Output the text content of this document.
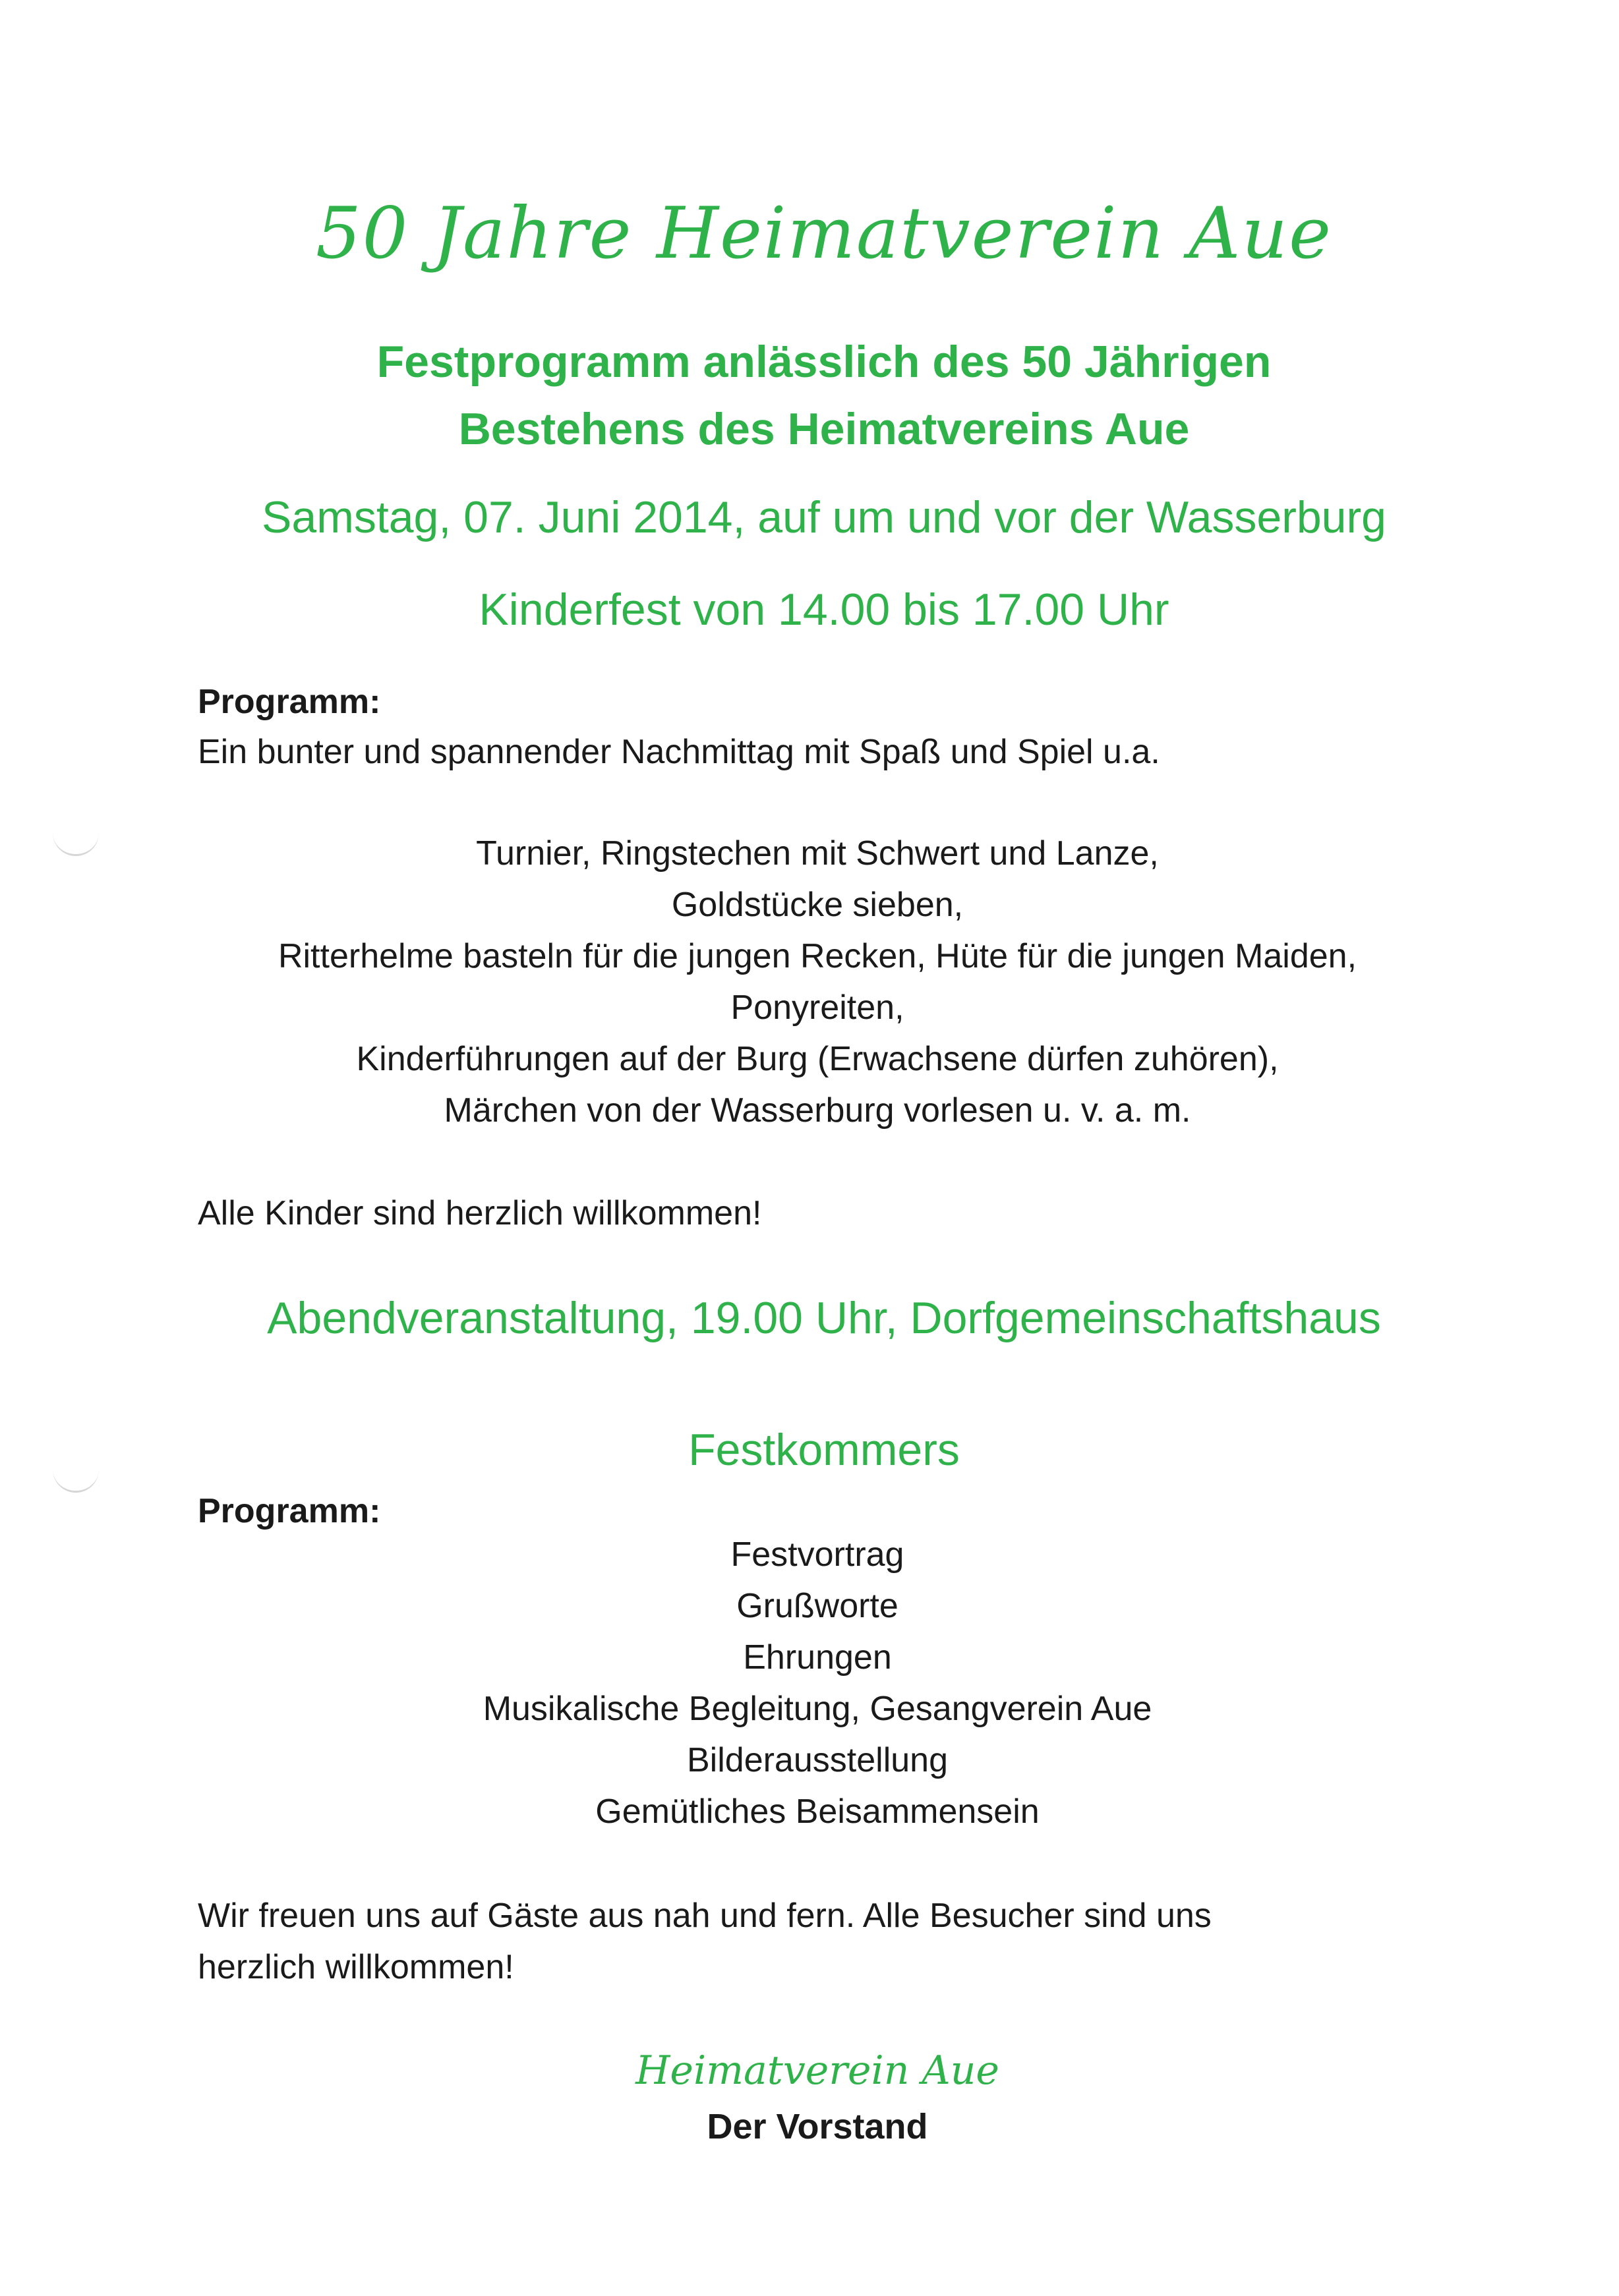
50 Jahre Heimatverein Aue
Festprogramm anlässlich des 50 Jährigen
Bestehens des Heimatvereins Aue
Samstag, 07. Juni 2014, auf um und vor der Wasserburg
Kinderfest von 14.00 bis 17.00 Uhr
Programm:
Ein bunter und spannender Nachmittag mit Spaß und Spiel u.a.
Turnier, Ringstechen mit Schwert und Lanze,
Goldstücke sieben,
Ritterhelme basteln für die jungen Recken, Hüte für die jungen Maiden,
Ponyreiten,
Kinderführungen auf der Burg (Erwachsene dürfen zuhören),
Märchen von der Wasserburg vorlesen u. v. a. m.
Alle Kinder sind herzlich willkommen!
Abendveranstaltung, 19.00 Uhr, Dorfgemeinschaftshaus
Festkommers
Programm:
Festvortrag
Grußworte
Ehrungen
Musikalische Begleitung, Gesangverein Aue
Bilderausstellung
Gemütliches Beisammensein
Wir freuen uns auf Gäste aus nah und fern. Alle Besucher sind uns
herzlich willkommen!
Heimatverein Aue
Der Vorstand
